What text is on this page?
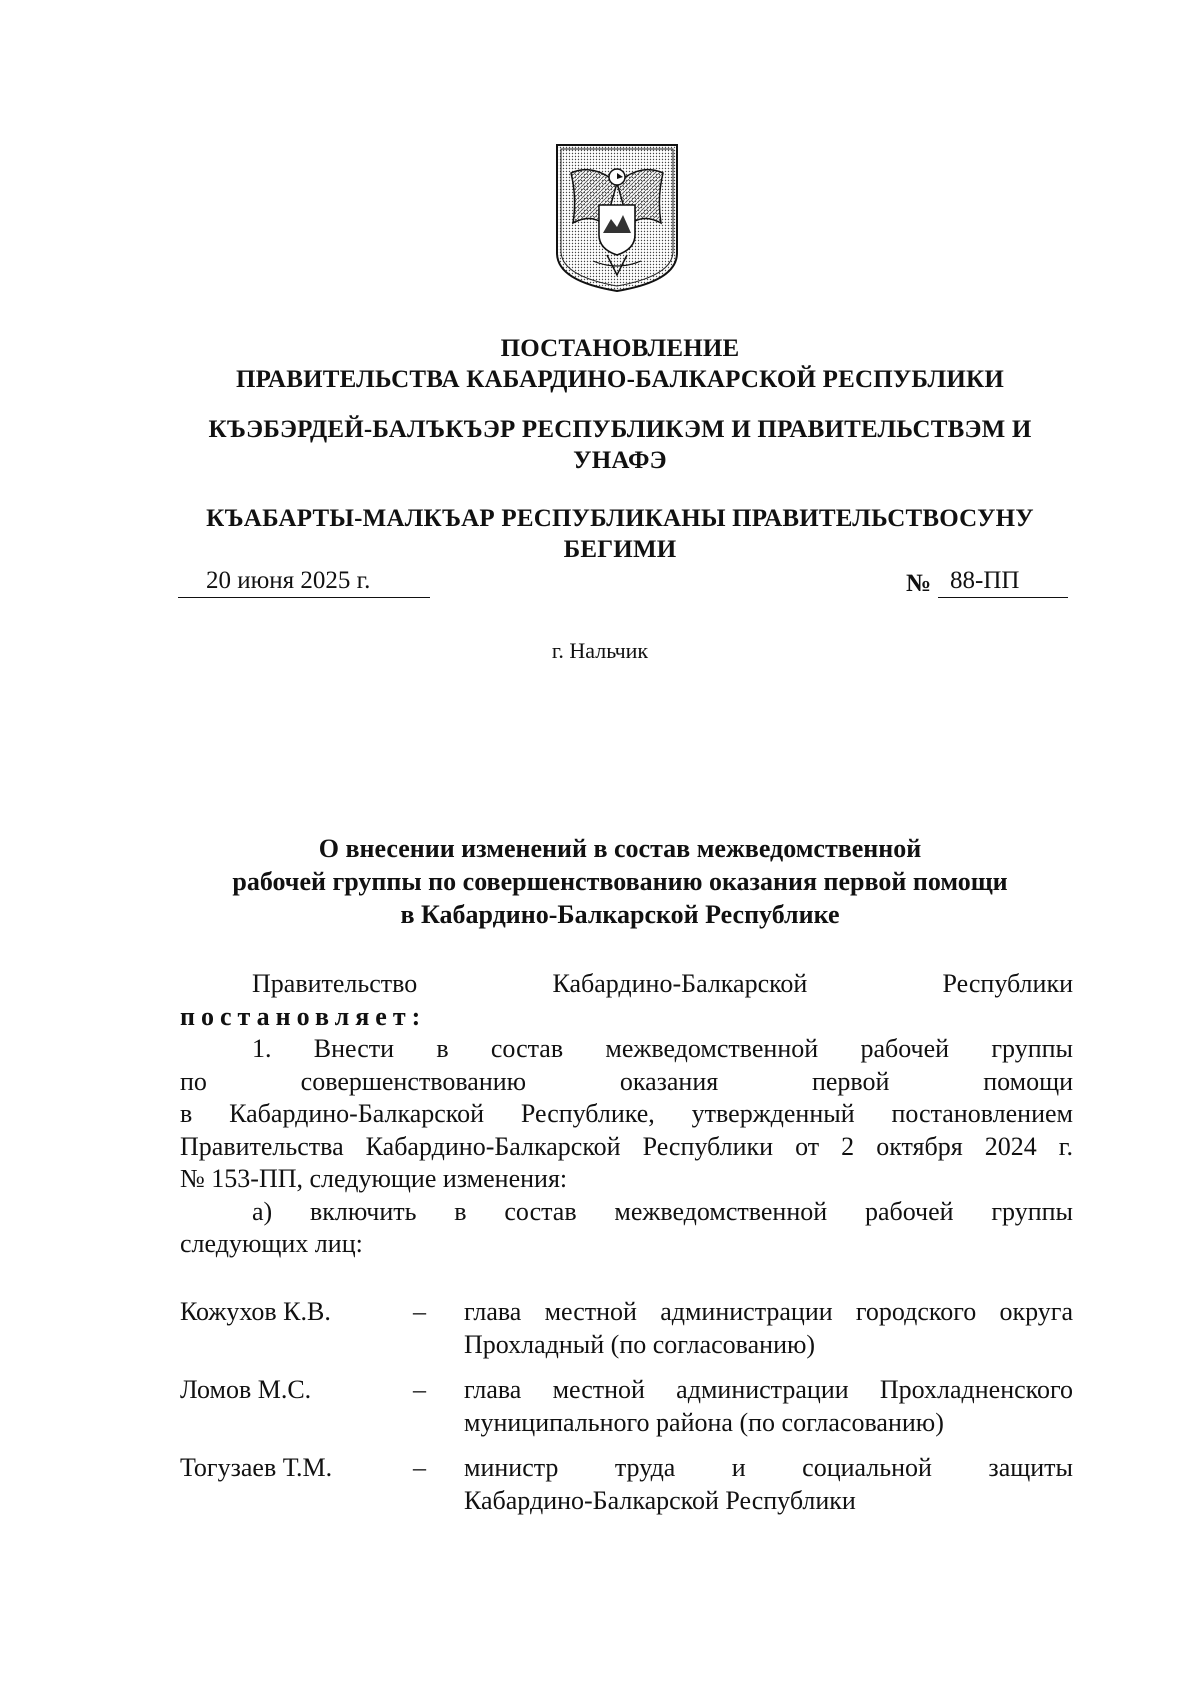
ПОСТАНОВЛЕНИЕ

ПРАВИТЕЛЬСТВА КАБАРДИНО-БАЛКАРСКОЙ РЕСПУБЛИКИ

КЪЭБЭРДЕЙ-БАЛЪКЪЭР РЕСПУБЛИКЭМ И ПРАВИТЕЛЬСТВЭМ И

УНАФЭ

КЪАБАРТЫ-МАЛКЪАР РЕСПУБЛИКАНЫ ПРАВИТЕЛЬСТВОСУНУ

БЕГИМИ

20 июня 2025 г.	№ 88-ПП
г. Нальчик

О внесении изменений в состав межведомственной

рабочей группы по совершенствованию оказания первой помощи

в Кабардино-Балкарской Республике

Правительство Кабардино-Балкарской Республики

постановляет:

1. Внести в состав межведомственной рабочей группы

по совершенствованию оказания первой помощи

в Кабардино-Балкарской Республике, утвержденный постановлением

Правительства Кабардино-Балкарской Республики от 2 октября 2024 г.

№ 153-ПП, следующие изменения:

а) включить в состав межведомственной рабочей группы

следующих лиц:

Кожухов К.В.	–	глава местной администрации городского округа

Прохладный (по согласованию)

Ломов М.С.	–	глава местной администрации Прохладненского

муниципального района (по согласованию)

Тогузаев Т.М.	–	министр труда и социальной защиты

Кабардино-Балкарской Республики
